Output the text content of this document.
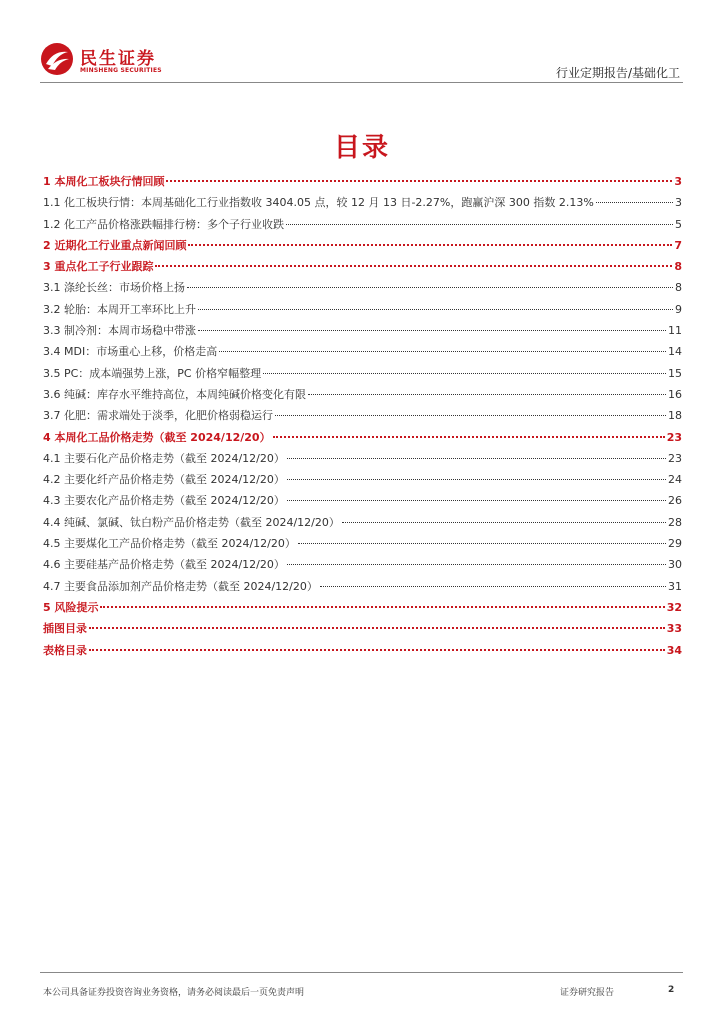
民生证券
MINSHENG SECURITIES	行业定期报告/基础化工
目录
1 本周化工板块行情回顾	3
1.1 化工板块行情：本周基础化工行业指数收 3404.05 点，较 12 月 13 日-2.27%，跑赢沪深 300 指数 2.13%	3
1.2 化工产品价格涨跌幅排行榜：多个子行业收跌	5
2 近期化工行业重点新闻回顾	7
3 重点化工子行业跟踪	8
3.1 涤纶长丝：市场价格上扬	8
3.2 轮胎：本周开工率环比上升	9
3.3 制冷剂：本周市场稳中带涨	11
3.4 MDI：市场重心上移，价格走高	14
3.5 PC：成本端强势上涨，PC 价格窄幅整理	15
3.6 纯碱：库存水平维持高位，本周纯碱价格变化有限	16
3.7 化肥：需求端处于淡季，化肥价格弱稳运行	18
4 本周化工品价格走势（截至 2024/12/20）	23
4.1 主要石化产品价格走势（截至 2024/12/20）	23
4.2 主要化纤产品价格走势（截至 2024/12/20）	24
4.3 主要农化产品价格走势（截至 2024/12/20）	26
4.4 纯碱、氯碱、钛白粉产品价格走势（截至 2024/12/20）	28
4.5 主要煤化工产品价格走势（截至 2024/12/20）	29
4.6 主要硅基产品价格走势（截至 2024/12/20）	30
4.7 主要食品添加剂产品价格走势（截至 2024/12/20）	31
5 风险提示	32
插图目录	33
表格目录	34
本公司具备证券投资咨询业务资格，请务必阅读最后一页免责声明	证券研究报告	2
